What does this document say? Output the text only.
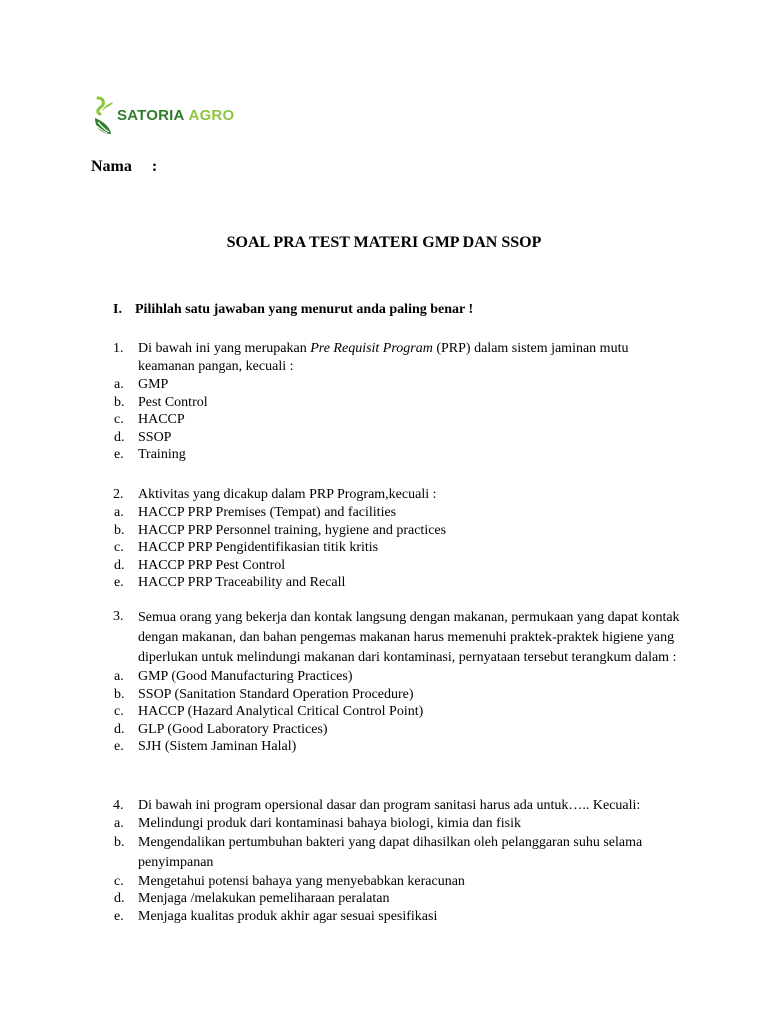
SATORIA AGRO
Nama :
SOAL PRA TEST MATERI GMP DAN SSOP
I. Pilihlah satu jawaban yang menurut anda paling benar !
1.	Di bawah ini yang merupakan Pre Requisit Program (PRP) dalam sistem jaminan mutu keamanan pangan, kecuali :
a.	GMP
b. Pest Control
c.	HACCP
d. SSOP
e.	Training
2.	Aktivitas yang dicakup dalam PRP Program,kecuali :
a.	HACCP PRP Premises (Tempat) and facilities
b. HACCP PRP Personnel training, hygiene and practices
c.	HACCP PRP Pengidentifikasian titik kritis
d. HACCP PRP Pest Control
e.	HACCP PRP Traceability and Recall
3.	Semua orang yang bekerja dan kontak langsung dengan makanan, permukaan yang dapat kontak dengan makanan, dan bahan pengemas makanan harus memenuhi praktek-praktek higiene yang diperlukan untuk melindungi makanan dari kontaminasi, pernyataan tersebut terangkum dalam :
a.	GMP (Good Manufacturing Practices)
b. SSOP (Sanitation Standard Operation Procedure)
c.	HACCP (Hazard Analytical Critical Control Point)
d. GLP (Good Laboratory Practices)
e.	SJH (Sistem Jaminan Halal)
4.	Di bawah ini program opersional dasar dan program sanitasi harus ada untuk….. Kecuali:
a.	Melindungi produk dari kontaminasi bahaya biologi, kimia dan fisik
b. Mengendalikan pertumbuhan bakteri yang dapat dihasilkan oleh pelanggaran suhu selama penyimpanan
c.	Mengetahui potensi bahaya yang menyebabkan keracunan
d. Menjaga /melakukan pemeliharaan peralatan
e.	Menjaga kualitas produk akhir agar sesuai spesifikasi
